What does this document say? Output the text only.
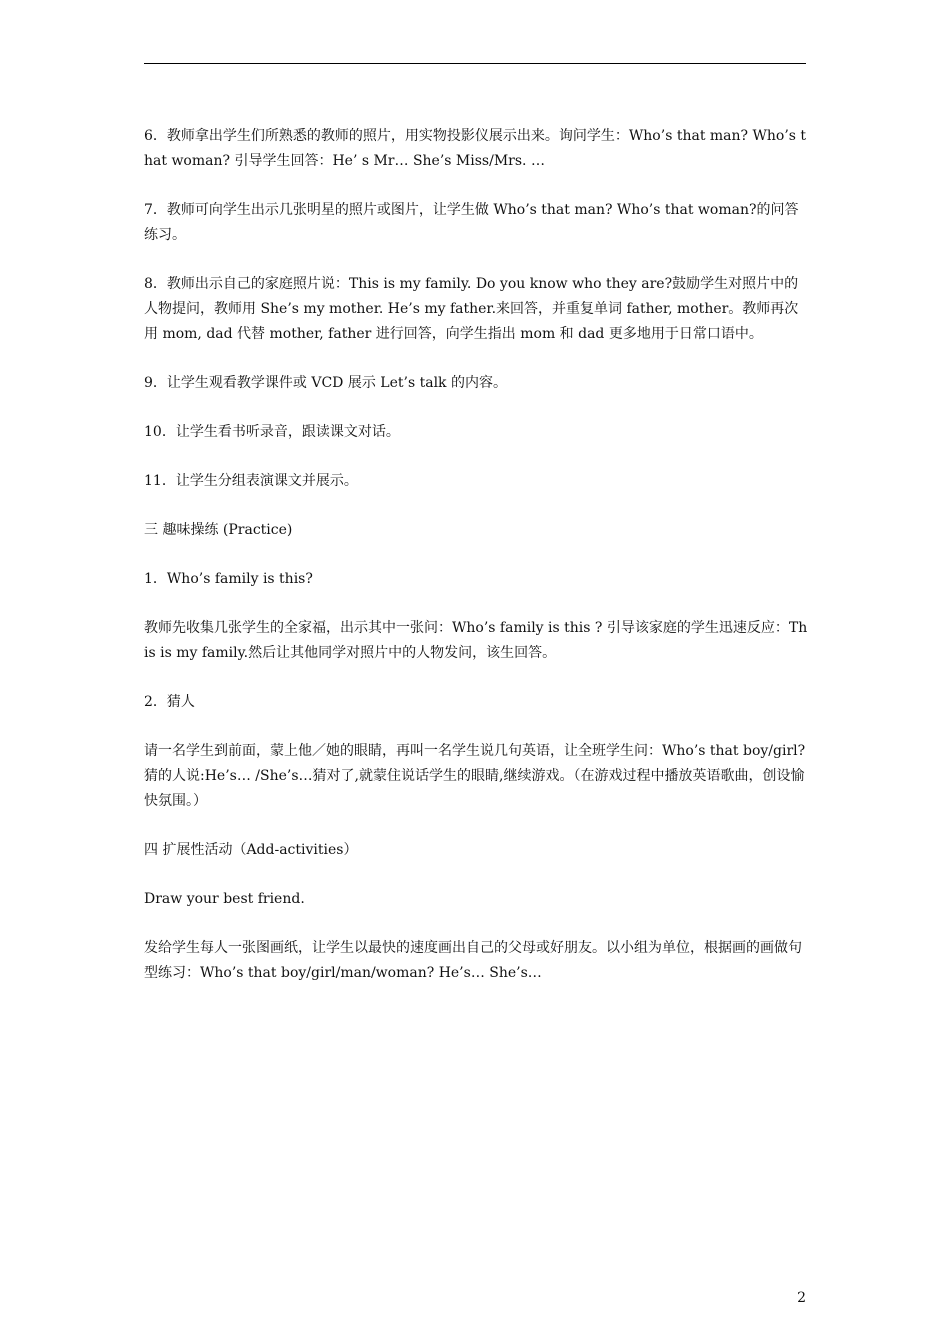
6．教师拿出学生们所熟悉的教师的照片，用实物投影仪展示出来。询问学生：Who’s that man? Who’s that woman? 引导学生回答：He’ s Mr… She’s Miss/Mrs. …

7．教师可向学生出示几张明星的照片或图片，让学生做 Who’s that man? Who’s that woman?的问答练习。

8．教师出示自己的家庭照片说：This is my family. Do you know who they are?鼓励学生对照片中的人物提问，教师用 She’s my mother. He’s my father.来回答，并重复单词 father, mother。教师再次用 mom, dad 代替 mother, father 进行回答，向学生指出 mom 和 dad 更多地用于日常口语中。

9．让学生观看教学课件或 VCD 展示 Let’s talk 的内容。

10．让学生看书听录音，跟读课文对话。

11．让学生分组表演课文并展示。

三 趣味操练 (Practice)

1．Who’s family is this?

教师先收集几张学生的全家福，出示其中一张问：Who’s family is this ? 引导该家庭的学生迅速反应：This is my family.然后让其他同学对照片中的人物发问，该生回答。

2．猜人

请一名学生到前面，蒙上他／她的眼睛，再叫一名学生说几句英语，让全班学生问：Who’s that boy/girl?猜的人说:He’s… /She’s…猜对了,就蒙住说话学生的眼睛,继续游戏。（在游戏过程中播放英语歌曲，创设愉快氛围。）

四 扩展性活动（Add-activities）

Draw your best friend.

发给学生每人一张图画纸，让学生以最快的速度画出自己的父母或好朋友。以小组为单位，根据画的画做句型练习：Who’s that boy/girl/man/woman? He’s… She’s…

2
